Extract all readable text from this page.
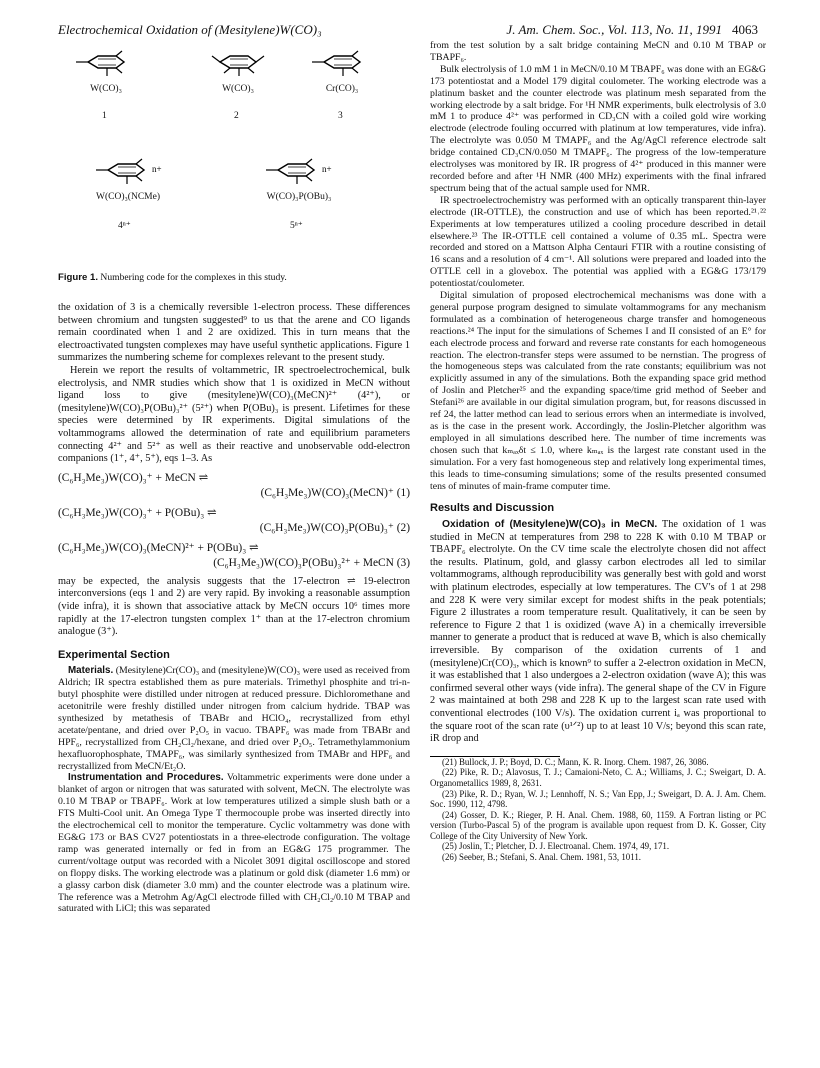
Electrochemical Oxidation of (Mesitylene)W(CO)₃	J. Am. Chem. Soc., Vol. 113, No. 11, 1991 4063
W(CO)₃
1
W(CO)₃
2
Cr(CO)₃
3
n+
W(CO)₃(NCMe)
4ⁿ⁺
n+
W(CO)₃P(OBu)₃
5ⁿ⁺
Figure 1. Numbering code for the complexes in this study.

the oxidation of 3 is a chemically reversible 1-electron process. These differences between chromium and tungsten suggested⁹ to us that the arene and CO ligands remain coordinated when 1 and 2 are oxidized. This in turn means that the electroactivated tungsten complexes may have useful synthetic applications. Figure 1 summarizes the numbering scheme for complexes relevant to the present study.

Herein we report the results of voltammetric, IR spectroelectrochemical, bulk electrolysis, and NMR studies which show that 1 is oxidized in MeCN without ligand loss to give (mesitylene)W(CO)₃(MeCN)²⁺ (4²⁺), or (mesitylene)W(CO)₃P(OBu)₃²⁺ (5²⁺) when P(OBu)₃ is present. Lifetimes for these species were determined by IR experiments. Digital simulations of the voltammograms allowed the determination of rate and equilibrium parameters connecting 4²⁺ and 5²⁺ as well as their reactive and unobservable odd-electron companions (1⁺, 4⁺, 5⁺), eqs 1–3. As

(C₆H₃Me₃)W(CO)₃⁺ + MeCN ⇌
(C₆H₃Me₃)W(CO)₃(MeCN)⁺ (1)
(C₆H₃Me₃)W(CO)₃⁺ + P(OBu)₃ ⇌
(C₆H₃Me₃)W(CO)₃P(OBu)₃⁺ (2)
(C₆H₃Me₃)W(CO)₃(MeCN)²⁺ + P(OBu)₃ ⇌
(C₆H₃Me₃)W(CO)₃P(OBu)₃²⁺ + MeCN (3)

may be expected, the analysis suggests that the 17-electron ⇌ 19-electron interconversions (eqs 1 and 2) are very rapid. By invoking a reasonable assumption (vide infra), it is shown that associative attack by MeCN occurs 10⁶ times more rapidly at the 17-electron tungsten complex 1⁺ than at the 17-electron chromium analogue (3⁺).

Experimental Section

Materials. (Mesitylene)Cr(CO)₃ and (mesitylene)W(CO)₃ were used as received from Aldrich; IR spectra established them as pure materials. Trimethyl phosphite and tri-n-butyl phosphite were distilled under nitrogen at reduced pressure. Dichloromethane and acetonitrile were freshly distilled under nitrogen from calcium hydride. TBAP was synthesized by metathesis of TBABr and HClO₄, recrystallized from ethyl acetate/pentane, and dried over P₂O₅ in vacuo. TBAPF₆ was made from TBABr and HPF₆, recrystallized from CH₂Cl₂/hexane, and dried over P₂O₅. Tetramethylammonium hexafluorophosphate, TMAPF₆, was similarly synthesized from TMABr and HPF₆ and recrystallized from MeCN/Et₂O.

Instrumentation and Procedures. Voltammetric experiments were done under a blanket of argon or nitrogen that was saturated with solvent, MeCN. The electrolyte was 0.10 M TBAP or TBAPF₆. Work at low temperatures utilized a simple slush bath or a FTS Multi-Cool unit. An Omega Type T thermocouple probe was inserted directly into the electrochemical cell to monitor the temperature. Cyclic voltammetry was done with EG&G 173 or BAS CV27 potentiostats in a three-electrode configuration. The voltage ramp was generated internally or fed in from an EG&G 175 programmer. The current/voltage output was recorded with a Nicolet 3091 digital oscilloscope and stored on floppy disks. The working electrode was a platinum or gold disk (diameter 1.6 mm) or a glassy carbon disk (diameter 3.0 mm) and the counter electrode was a platinum wire. The reference was a Metrohm Ag/AgCl electrode filled with CH₂Cl₂/0.10 M TBAP and saturated with LiCl; this was separated

from the test solution by a salt bridge containing MeCN and 0.10 M TBAP or TBAPF₆.

Bulk electrolysis of 1.0 mM 1 in MeCN/0.10 M TBAPF₆ was done with an EG&G 173 potentiostat and a Model 179 digital coulometer. The working electrode was a platinum basket and the counter electrode was platinum mesh separated from the working electrode by a salt bridge. For ¹H NMR experiments, bulk electrolysis of 3.0 mM 1 to produce 4²⁺ was performed in CD₃CN with a coiled gold wire working electrode (electrode fouling occurred with platinum at low temperatures, vide infra). The electrolyte was 0.050 M TMAPF₆ and the Ag/AgCl reference electrode salt bridge contained CD₃CN/0.050 M TMAPF₆. The progress of the low-temperature electrolyses was monitored by IR. IR progress of 4²⁺ produced in this manner were recorded before and after ¹H NMR (400 MHz) experiments with the final infrared spectrum being that of the actual sample used for NMR.

IR spectroelectrochemistry was performed with an optically transparent thin-layer electrode (IR-OTTLE), the construction and use of which has been reported.²¹˒²² Experiments at low temperatures utilized a cooling procedure described in detail elsewhere.²³ The IR-OTTLE cell contained a volume of 0.35 mL. Spectra were recorded and stored on a Mattson Alpha Centauri FTIR with a routine consisting of 16 scans and a resolution of 4 cm⁻¹. All solutions were prepared and loaded into the OTTLE cell in a glovebox. The potential was applied with a EG&G 173/179 potentiostat/coulometer.

Digital simulation of proposed electrochemical mechanisms was done with a general purpose program designed to simulate voltammograms for any mechanism formulated as a combination of heterogeneous charge transfer and homogeneous reactions.²⁴ The input for the simulations of Schemes I and II consisted of an E° for each electrode process and forward and reverse rate constants for each homogeneous reaction. The electron-transfer steps were assumed to be nernstian. The progress of the homogeneous steps was calculated from the rate constants; equilibrium was not explicitly assumed in any of the simulations. Both the expanding space grid method of Joslin and Pletcher²⁵ and the expanding space/time grid method of Seeber and Stefani²⁶ are available in our digital simulation program, but, for reasons discussed in ref 24, the latter method can lead to serious errors when an intermediate is involved, as is the case in the present work. Accordingly, the Joslin-Pletcher algorithm was employed in all simulations described here. The number of time increments was chosen such that kₘₐₓδt ≤ 1.0, where kₘₐₓ is the largest rate constant used in the simulation. For a very fast homogeneous step and relatively long experimental times, this leads to time-consuming simulations; some of the results presented consumed tens of minutes of main-frame computer time.

Results and Discussion

Oxidation of (Mesitylene)W(CO)₃ in MeCN. The oxidation of 1 was studied in MeCN at temperatures from 298 to 228 K with 0.10 M TBAP or TBAPF₆ electrolyte. On the CV time scale the electrolyte chosen did not affect the results. Platinum, gold, and glassy carbon electrodes all led to similar voltammograms, although reproducibility was generally best with gold and worst with platinum electrodes, especially at low temperatures. The CV's of 1 at 298 and 228 K were very similar except for modest shifts in the peak potentials; Figure 2 illustrates a room temperature result. Qualitatively, it can be seen by reference to Figure 2 that 1 is oxidized (wave A) in a chemically irreversible manner to generate a product that is reduced at wave B, which is also chemically irreversible. By comparison of the oxidation currents of 1 and (mesitylene)Cr(CO)₃, which is known⁹ to suffer a 2-electron oxidation in MeCN, it was established that 1 also undergoes a 2-electron oxidation (wave A); this was confirmed several other ways (vide infra). The general shape of the CV in Figure 2 was maintained at both 298 and 228 K up to the largest scan rate used with conventional electrodes (100 V/s). The oxidation current iₐ was proportional to the square root of the scan rate (υ¹ᐟ²) up to at least 10 V/s; beyond this scan rate, iR drop and

(21) Bullock, J. P.; Boyd, D. C.; Mann, K. R. Inorg. Chem. 1987, 26, 3086.

(22) Pike, R. D.; Alavosus, T. J.; Camaioni-Neto, C. A.; Williams, J. C.; Sweigart, D. A. Organometallics 1989, 8, 2631.

(23) Pike, R. D.; Ryan, W. J.; Lennhoff, N. S.; Van Epp, J.; Sweigart, D. A. J. Am. Chem. Soc. 1990, 112, 4798.

(24) Gosser, D. K.; Rieger, P. H. Anal. Chem. 1988, 60, 1159. A Fortran listing or PC version (Turbo-Pascal 5) of the program is available upon request from D. K. Gosser, City College of the City University of New York.

(25) Joslin, T.; Pletcher, D. J. Electroanal. Chem. 1974, 49, 171.

(26) Seeber, B.; Stefani, S. Anal. Chem. 1981, 53, 1011.
